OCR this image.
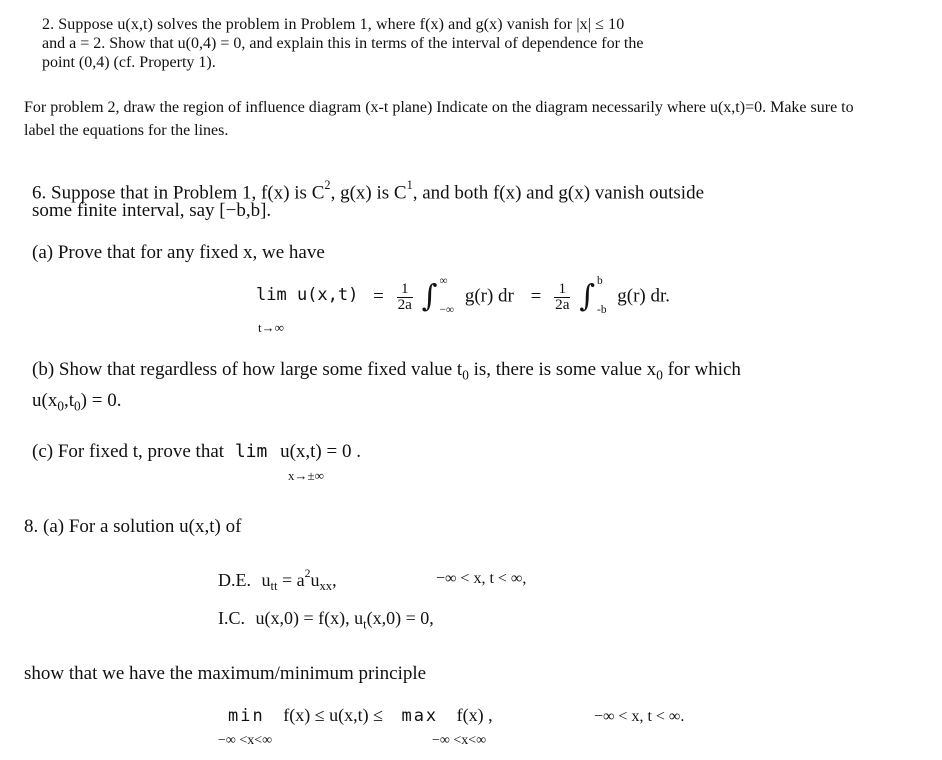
2. Suppose u(x,t) solves the problem in Problem 1, where f(x) and g(x) vanish for |x| ≤ 10
and a = 2. Show that u(0,4) = 0, and explain this in terms of the interval of dependence for the
point (0,4) (cf. Property 1).
For problem 2, draw the region of influence diagram (x-t plane) Indicate on the diagram necessarily where u(x,t)=0. Make sure to
label the equations for the lines.
6. Suppose that in Problem 1, f(x) is $C^2$, g(x) is $C^1$, and both f(x) and g(x) vanish outside
some finite interval, say [−b,b].
(a) Prove that for any fixed x, we have
$\lim u(x,t) = \frac{1}{2a}$ ∫ ∞
−∞
g(r) dr = $\frac{1}{2a}$ ∫ b
-b
g(r) dr.
t→∞
(b) Show that regardless of how large some fixed value $t_0$ is, there is some value $x_0$ for which
$u(x_0,t_0) = 0$.
(c) For fixed t, prove that lim u(x,t) = 0 .
x→±∞
8. (a) For a solution u(x,t) of
D.E. $u_{tt} = a^2u_{xx}$,	−∞ < x, t < ∞,
I.C. u(x,0) = f(x), $u_t(x,0) = 0$,
show that we have the maximum/minimum principle
min f(x) ≤ u(x,t) ≤ max f(x) ,	−∞ < x, t < ∞.
−∞ <x<∞	−∞ <x<∞
